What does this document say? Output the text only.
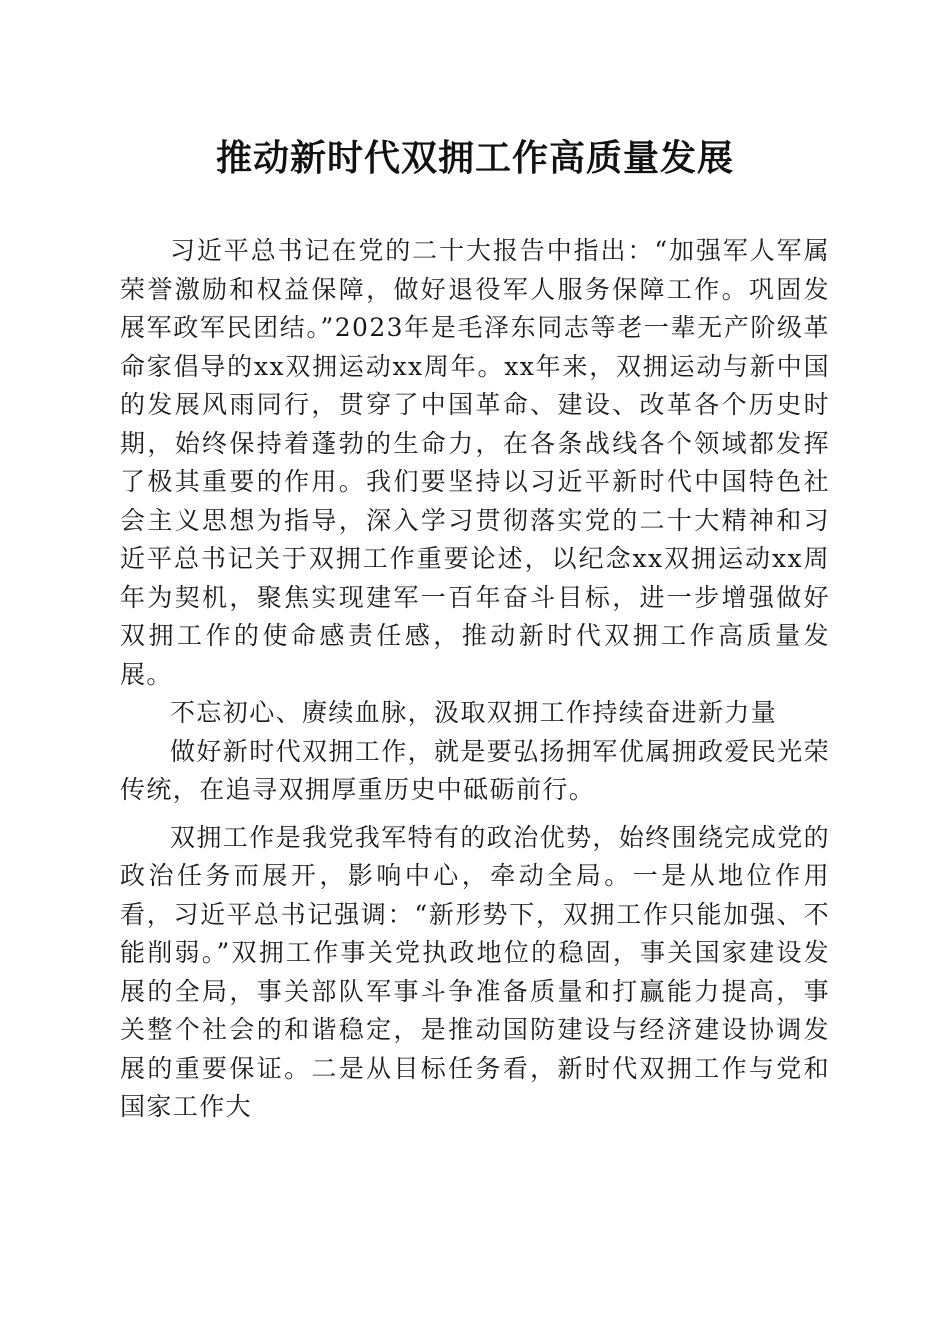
推动新时代双拥工作高质量发展

习近平总书记在党的二十大报告中指出：“加强军人军属荣誉激励和权益保障，做好退役军人服务保障工作。巩固发展军政军民团结。”2023年是毛泽东同志等老一辈无产阶级革命家倡导的xx双拥运动xx周年。xx年来，双拥运动与新中国的发展风雨同行，贯穿了中国革命、建设、改革各个历史时期，始终保持着蓬勃的生命力，在各条战线各个领域都发挥了极其重要的作用。我们要坚持以习近平新时代中国特色社会主义思想为指导，深入学习贯彻落实党的二十大精神和习近平总书记关于双拥工作重要论述，以纪念xx双拥运动xx周年为契机，聚焦实现建军一百年奋斗目标，进一步增强做好双拥工作的使命感责任感，推动新时代双拥工作高质量发展。

不忘初心、赓续血脉，汲取双拥工作持续奋进新力量

做好新时代双拥工作，就是要弘扬拥军优属拥政爱民光荣传统，在追寻双拥厚重历史中砥砺前行。

双拥工作是我党我军特有的政治优势，始终围绕完成党的政治任务而展开，影响中心，牵动全局。一是从地位作用看，习近平总书记强调：“新形势下，双拥工作只能加强、不能削弱。”双拥工作事关党执政地位的稳固，事关国家建设发展的全局，事关部队军事斗争准备质量和打赢能力提高，事关整个社会的和谐稳定，是推动国防建设与经济建设协调发展的重要保证。二是从目标任务看，新时代双拥工作与党和国家工作大
